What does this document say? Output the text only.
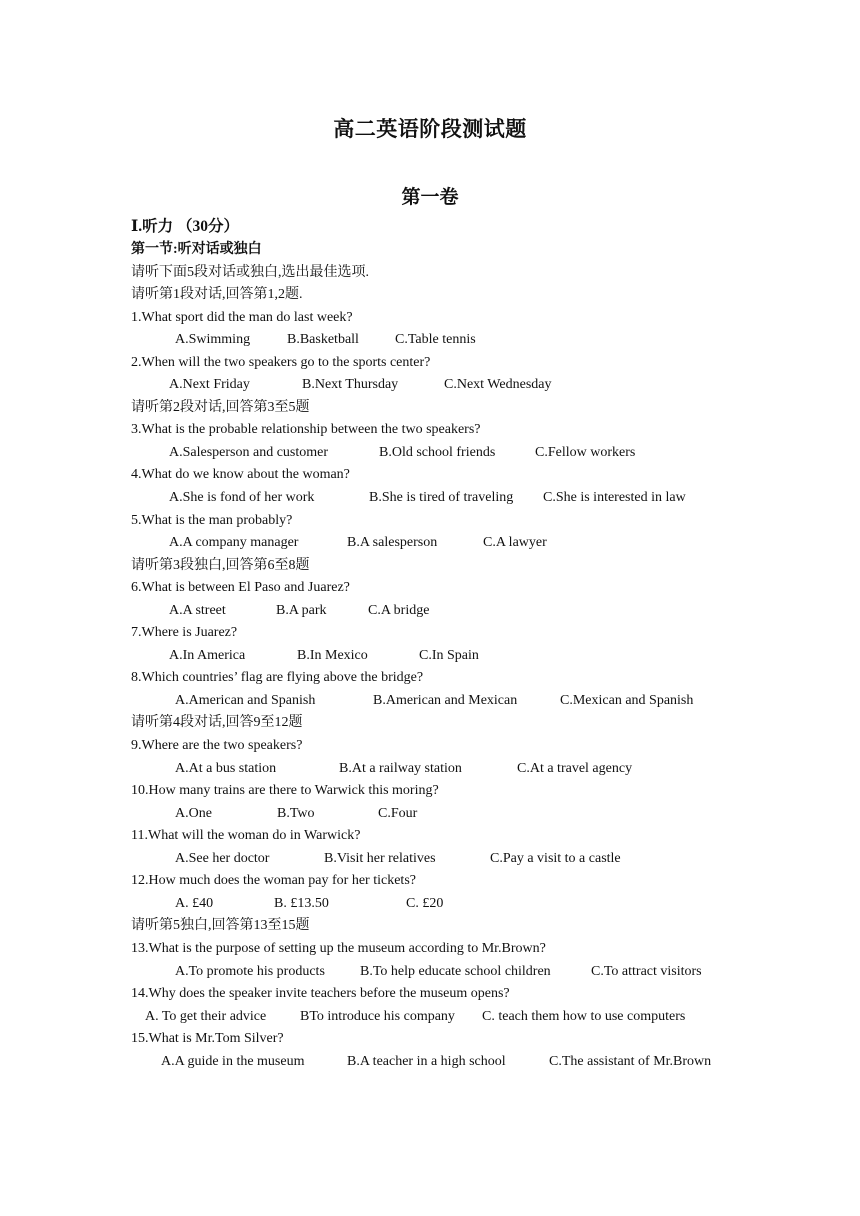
高二英语阶段测试题
第一卷
Ⅰ.听力 （30分）
第一节:听对话或独白
请听下面5段对话或独白,选出最佳选项.
请听第1段对话,回答第1,2题.
1.What sport did the man do last week?
A.Swimming	B.Basketball	C.Table tennis
2.When will the two speakers go to the sports center?
A.Next Friday	B.Next Thursday	C.Next Wednesday
请听第2段对话,回答第3至5题
3.What is the probable relationship between the two speakers?
A.Salesperson and customer	B.Old school friends	C.Fellow workers
4.What do we know about the woman?
A.She is fond of her work	B.She is tired of traveling C.She is interested in law
5.What is the man probably?
A.A company manager	B.A salesperson	C.A lawyer
请听第3段独白,回答第6至8题
6.What is between El Paso and Juarez?
A.A street	B.A park	C.A bridge
7.Where is Juarez?
A.In America	B.In Mexico	C.In Spain
8.Which countries’ flag are flying above the bridge?
A.American and Spanish	B.American and Mexican	C.Mexican and Spanish
请听第4段对话,回答9至12题
9.Where are the two speakers?
A.At a bus station	B.At a railway station	C.At a travel agency
10.How many trains are there to Warwick this moring?
A.One	B.Two	C.Four
11.What will the woman do in Warwick?
A.See her doctor	B.Visit her relatives	C.Pay a visit to a castle
12.How much does the woman pay for her tickets?
A. £40	B. £13.50	C. £20
请听第5独白,回答第13至15题
13.What is the purpose of setting up the museum according to Mr.Brown?
A.To promote his products	B.To help educate school children	C.To attract visitors
14.Why does the speaker invite teachers before the museum opens?
A. To get their advice BTo introduce his company C. teach them how to use computers
15.What is Mr.Tom Silver?
A.A guide in the museum	B.A teacher in a high school	C.The assistant of Mr.Brown
